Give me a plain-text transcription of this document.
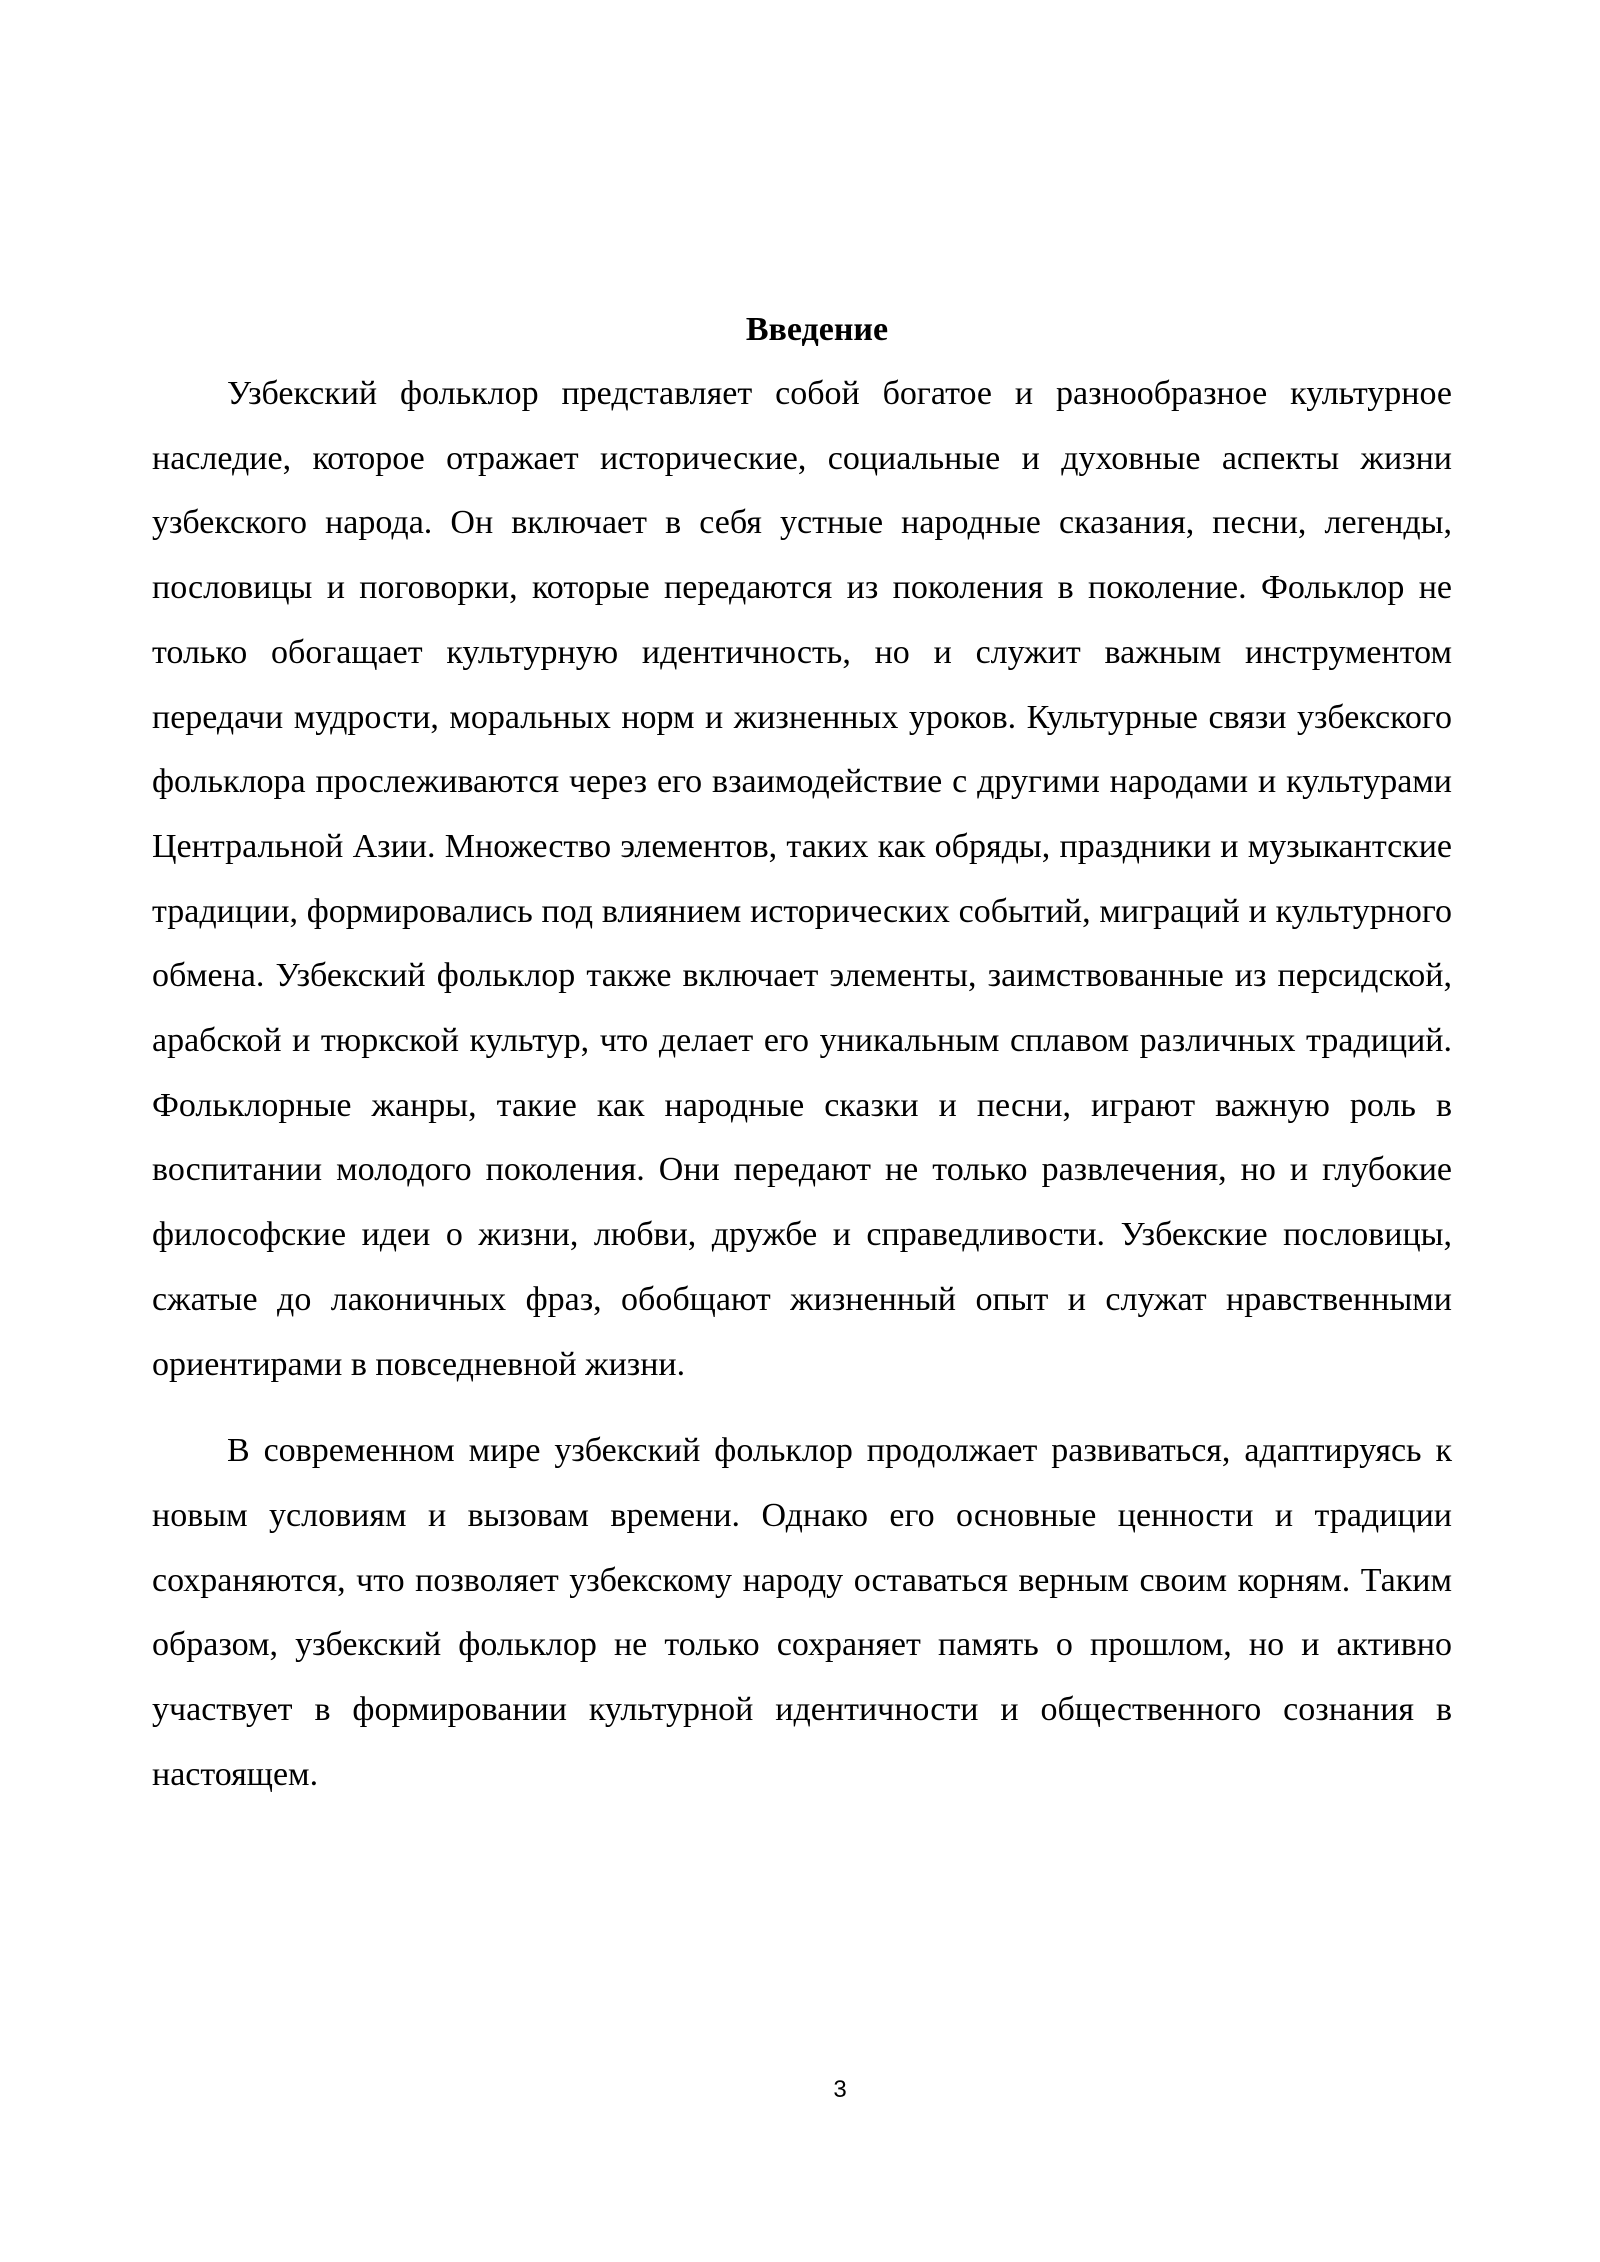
Введение

Узбекский фольклор представляет собой богатое и разнообразное культурное наследие, которое отражает исторические, социальные и духовные аспекты жизни узбекского народа. Он включает в себя устные народные сказания, песни, легенды, пословицы и поговорки, которые передаются из поколения в поколение. Фольклор не только обогащает культурную идентичность, но и служит важным инструментом передачи мудрости, моральных норм и жизненных уроков. Культурные связи узбекского фольклора прослеживаются через его взаимодействие с другими народами и культурами Центральной Азии. Множество элементов, таких как обряды, праздники и музыкантские традиции, формировались под влиянием исторических событий, миграций и культурного обмена. Узбекский фольклор также включает элементы, заимствованные из персидской, арабской и тюркской культур, что делает его уникальным сплавом различных традиций. Фольклорные жанры, такие как народные сказки и песни, играют важную роль в воспитании молодого поколения. Они передают не только развлечения, но и глубокие философские идеи о жизни, любви, дружбе и справедливости. Узбекские пословицы, сжатые до лаконичных фраз, обобщают жизненный опыт и служат нравственными ориентирами в повседневной жизни.

В современном мире узбекский фольклор продолжает развиваться, адаптируясь к новым условиям и вызовам времени. Однако его основные ценности и традиции сохраняются, что позволяет узбекскому народу оставаться верным своим корням. Таким образом, узбекский фольклор не только сохраняет память о прошлом, но и активно участвует в формировании культурной идентичности и общественного сознания в настоящем.

3
